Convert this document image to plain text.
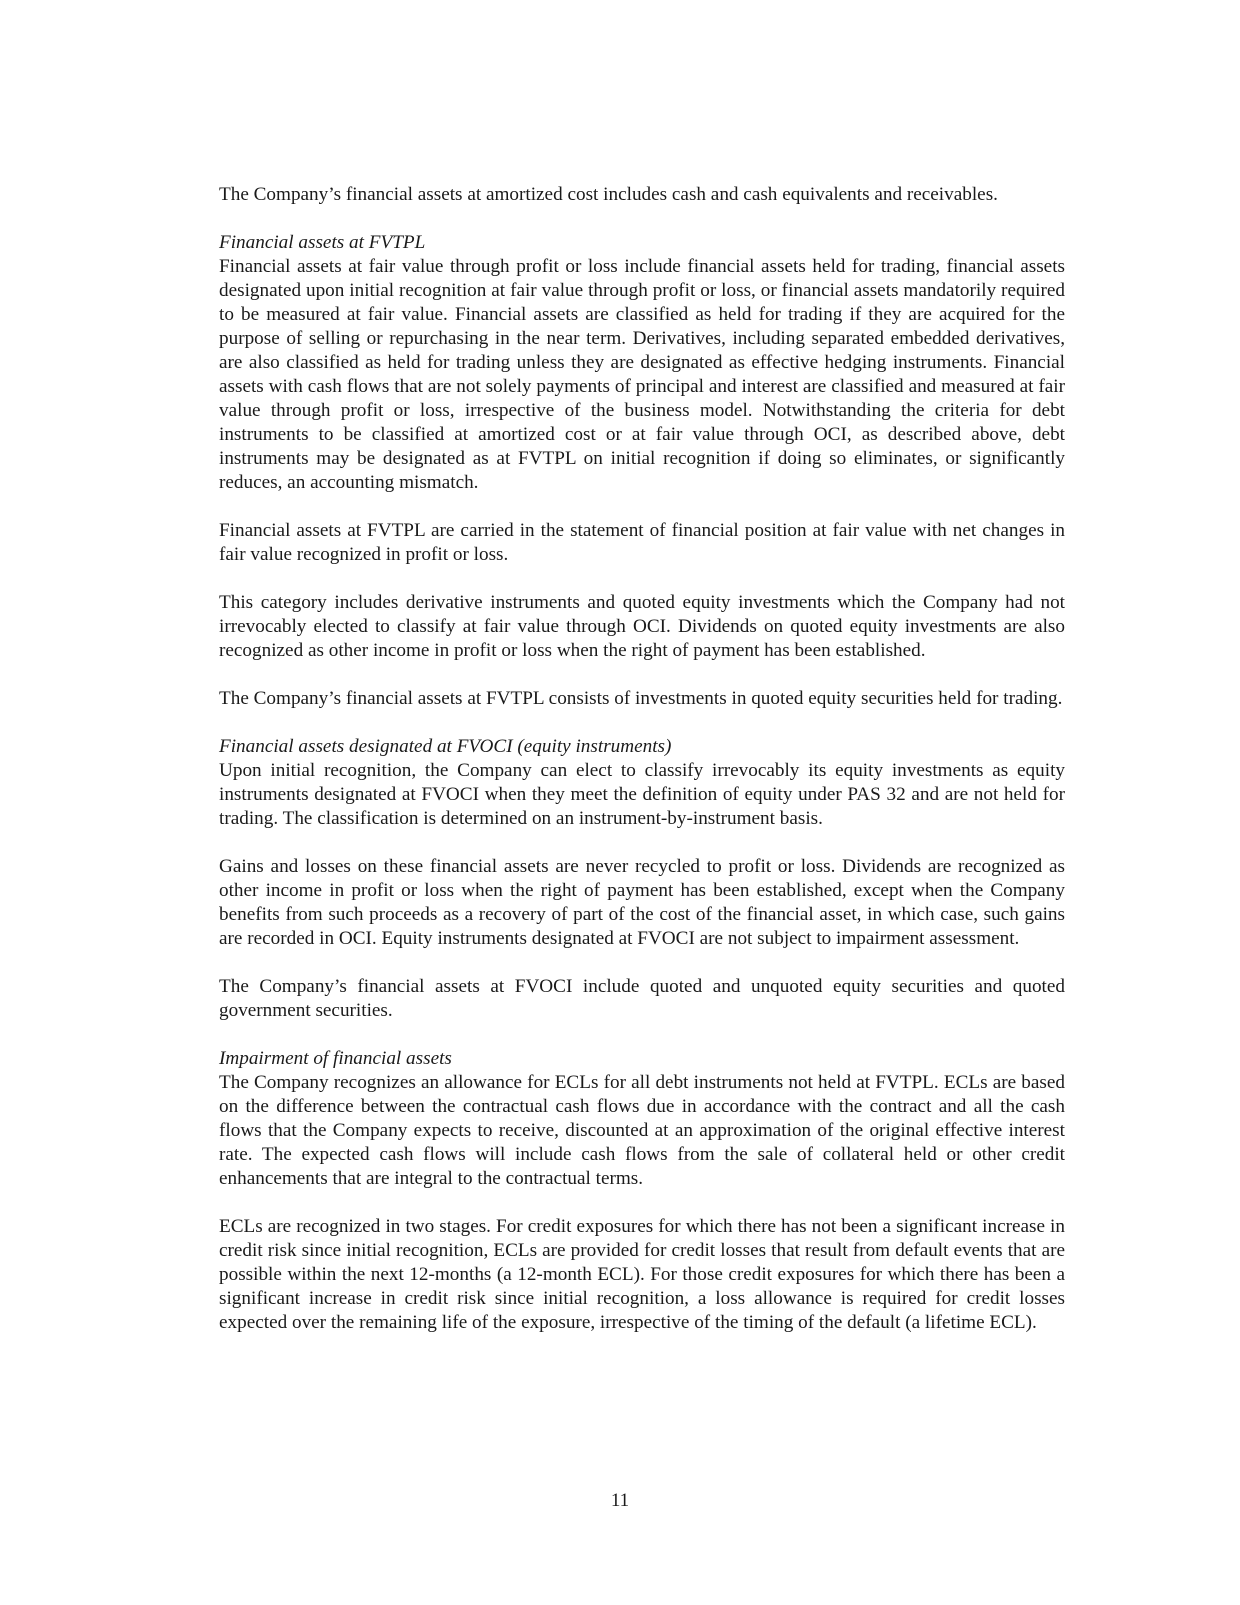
The Company’s financial assets at amortized cost includes cash and cash equivalents and receivables.

Financial assets at FVTPL

Financial assets at fair value through profit or loss include financial assets held for trading, financial assets designated upon initial recognition at fair value through profit or loss, or financial assets mandatorily required to be measured at fair value. Financial assets are classified as held for trading if they are acquired for the purpose of selling or repurchasing in the near term. Derivatives, including separated embedded derivatives, are also classified as held for trading unless they are designated as effective hedging instruments. Financial assets with cash flows that are not solely payments of principal and interest are classified and measured at fair value through profit or loss, irrespective of the business model. Notwithstanding the criteria for debt instruments to be classified at amortized cost or at fair value through OCI, as described above, debt instruments may be designated as at FVTPL on initial recognition if doing so eliminates, or significantly reduces, an accounting mismatch.

Financial assets at FVTPL are carried in the statement of financial position at fair value with net changes in fair value recognized in profit or loss.

This category includes derivative instruments and quoted equity investments which the Company had not irrevocably elected to classify at fair value through OCI. Dividends on quoted equity investments are also recognized as other income in profit or loss when the right of payment has been established.

The Company’s financial assets at FVTPL consists of investments in quoted equity securities held for trading.

Financial assets designated at FVOCI (equity instruments)

Upon initial recognition, the Company can elect to classify irrevocably its equity investments as equity instruments designated at FVOCI when they meet the definition of equity under PAS 32 and are not held for trading. The classification is determined on an instrument-by-instrument basis.

Gains and losses on these financial assets are never recycled to profit or loss. Dividends are recognized as other income in profit or loss when the right of payment has been established, except when the Company benefits from such proceeds as a recovery of part of the cost of the financial asset, in which case, such gains are recorded in OCI. Equity instruments designated at FVOCI are not subject to impairment assessment.

The Company’s financial assets at FVOCI include quoted and unquoted equity securities and quoted government securities.

Impairment of financial assets

The Company recognizes an allowance for ECLs for all debt instruments not held at FVTPL. ECLs are based on the difference between the contractual cash flows due in accordance with the contract and all the cash flows that the Company expects to receive, discounted at an approximation of the original effective interest rate. The expected cash flows will include cash flows from the sale of collateral held or other credit enhancements that are integral to the contractual terms.

ECLs are recognized in two stages. For credit exposures for which there has not been a significant increase in credit risk since initial recognition, ECLs are provided for credit losses that result from default events that are possible within the next 12-months (a 12-month ECL). For those credit exposures for which there has been a significant increase in credit risk since initial recognition, a loss allowance is required for credit losses expected over the remaining life of the exposure, irrespective of the timing of the default (a lifetime ECL).

11
